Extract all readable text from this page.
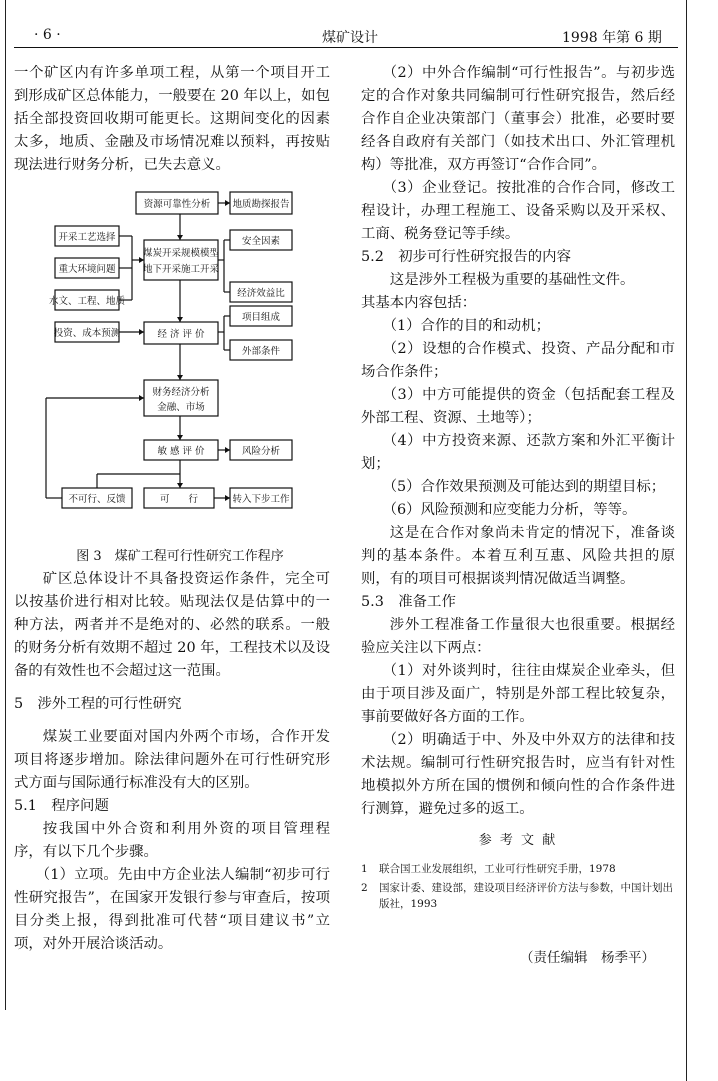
· 6 ·	煤矿设计	1998 年第 6 期

一个矿区内有许多单项工程，从第一个项目开工到形成矿区总体能力，一般要在 20 年以上，如包括全部投资回收期可能更长。这期间变化的因素太多，地质、金融及市场情况难以预料，再按贴现法进行财务分析，已失去意义。

资源可靠性分析 地质勘探报告
开采工艺选择
重大环境问题
水文、工程、地质
投资、成本预测
煤炭开采规模模型
地下开采施工开采
安全因素
经济效益比
项目组成
经 济 评 价
外部条件
财务经济分析
金融、市场
敏 感 评 价	风险分析
不可行、反馈	可　　行	转入下步工作
图 3　煤矿工程可行性研究工作程序

矿区总体设计不具备投资运作条件，完全可以按基价进行相对比较。贴现法仅是估算中的一种方法，两者并不是绝对的、必然的联系。一般的财务分析有效期不超过 20 年，工程技术以及设备的有效性也不会超过这一范围。

5　涉外工程的可行性研究

煤炭工业要面对国内外两个市场，合作开发项目将逐步增加。除法律问题外在可行性研究形式方面与国际通行标准没有大的区别。

5.1　程序问题

按我国中外合资和利用外资的项目管理程序，有以下几个步骤。

（1）立项。先由中方企业法人编制“初步可行性研究报告”，在国家开发银行参与审查后，按项目分类上报，得到批准可代替“项目建议书”立项，对外开展洽谈活动。

（2）中外合作编制“可行性报告”。与初步选定的合作对象共同编制可行性研究报告，然后经合作自企业决策部门（董事会）批准，必要时要经各自政府有关部门（如技术出口、外汇管理机构）等批准，双方再签订“合作合同”。

（3）企业登记。按批准的合作合同，修改工程设计，办理工程施工、设备采购以及开采权、工商、税务登记等手续。

5.2　初步可行性研究报告的内容

这是涉外工程极为重要的基础性文件。

其基本内容包括：

（1）合作的目的和动机；

（2）设想的合作模式、投资、产品分配和市场合作条件；

（3）中方可能提供的资金（包括配套工程及外部工程、资源、土地等）；

（4）中方投资来源、还款方案和外汇平衡计划；

（5）合作效果预测及可能达到的期望目标；

（6）风险预测和应变能力分析，等等。

这是在合作对象尚未肯定的情况下，准备谈判的基本条件。本着互利互惠、风险共担的原则，有的项目可根据谈判情况做适当调整。

5.3　准备工作

涉外工程准备工作量很大也很重要。根据经验应关注以下两点：

（1）对外谈判时，往往由煤炭企业牵头，但由于项目涉及面广，特别是外部工程比较复杂，事前要做好各方面的工作。

（2）明确适于中、外及中外双方的法律和技术法规。编制可行性研究报告时，应当有针对性地模拟外方所在国的惯例和倾向性的合作条件进行测算，避免过多的返工。

参 考 文 献
1	联合国工业发展组织，工业可行性研究手册，1978
2	国家计委、建设部，建设项目经济评价方法与参数，中国计划出版社，1993
（责任编辑　杨季平）
